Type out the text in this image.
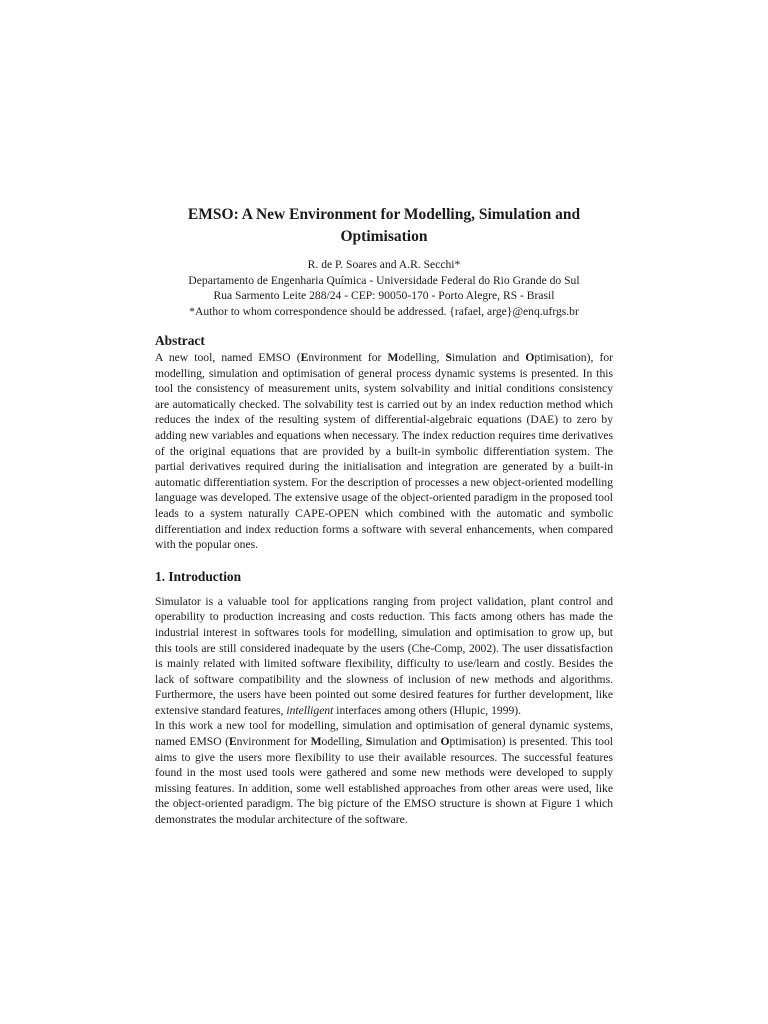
EMSO: A New Environment for Modelling, Simulation and Optimisation
R. de P. Soares and A.R. Secchi*
Departamento de Engenharia Química - Universidade Federal do Rio Grande do Sul
Rua Sarmento Leite 288/24 - CEP: 90050-170 - Porto Alegre, RS - Brasil
*Author to whom correspondence should be addressed. {rafael, arge}@enq.ufrgs.br
Abstract

A new tool, named EMSO (Environment for Modelling, Simulation and Optimisation), for modelling, simulation and optimisation of general process dynamic systems is presented. In this tool the consistency of measurement units, system solvability and initial conditions consistency are automatically checked. The solvability test is carried out by an index reduction method which reduces the index of the resulting system of differential-algebraic equations (DAE) to zero by adding new variables and equations when necessary. The index reduction requires time derivatives of the original equations that are provided by a built-in symbolic differentiation system. The partial derivatives required during the initialisation and integration are generated by a built-in automatic differentiation system. For the description of processes a new object-oriented modelling language was developed. The extensive usage of the object-oriented paradigm in the proposed tool leads to a system naturally CAPE-OPEN which combined with the automatic and symbolic differentiation and index reduction forms a software with several enhancements, when compared with the popular ones.

1. Introduction

Simulator is a valuable tool for applications ranging from project validation, plant control and operability to production increasing and costs reduction. This facts among others has made the industrial interest in softwares tools for modelling, simulation and optimisation to grow up, but this tools are still considered inadequate by the users (Che-Comp, 2002). The user dissatisfaction is mainly related with limited software flexibility, difficulty to use/learn and costly. Besides the lack of software compatibility and the slowness of inclusion of new methods and algorithms. Furthermore, the users have been pointed out some desired features for further development, like extensive standard features, intelligent interfaces among others (Hlupic, 1999).

In this work a new tool for modelling, simulation and optimisation of general dynamic systems, named EMSO (Environment for Modelling, Simulation and Optimisation) is presented. This tool aims to give the users more flexibility to use their available resources. The successful features found in the most used tools were gathered and some new methods were developed to supply missing features. In addition, some well established approaches from other areas were used, like the object-oriented paradigm. The big picture of the EMSO structure is shown at Figure 1 which demonstrates the modular architecture of the software.
